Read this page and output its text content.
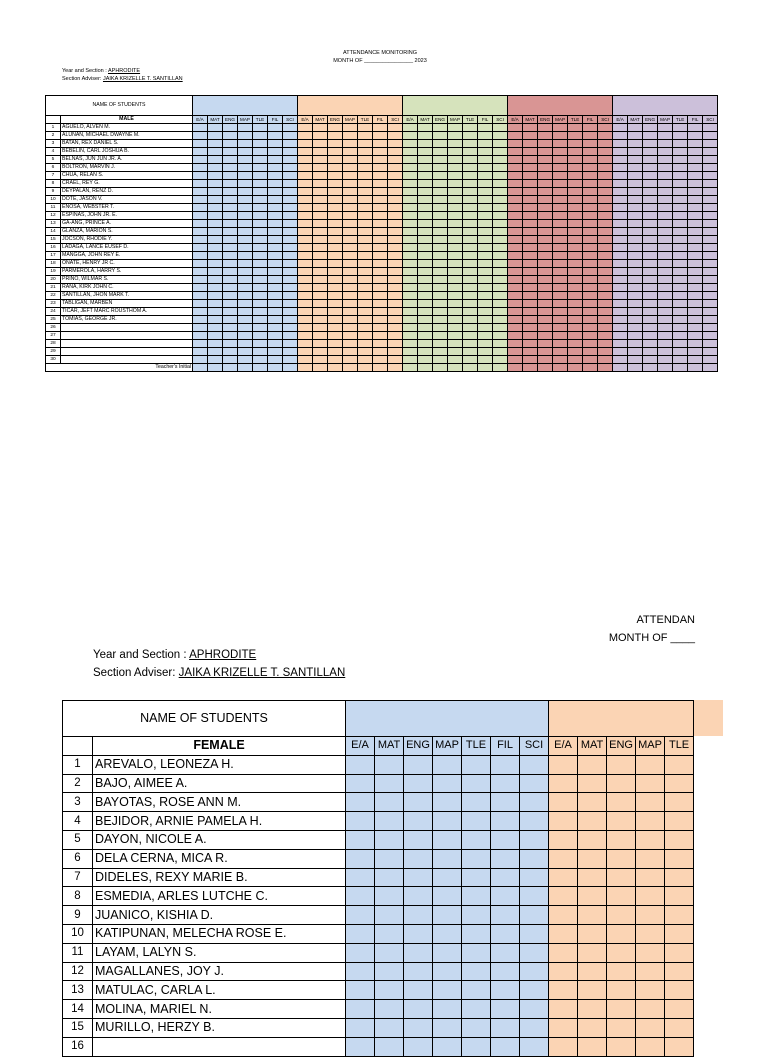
ATTENDANCE MONITORING
MONTH OF ________________ 2023
Year and Section : APHRODITE
Section Adviser: JAIKA KRIZELLE T. SANTILLAN
NAME OF STUDENTS																																				
	MALE	E/A	MAT	ENG	MAP	TLE	FIL	SCI	E/A	MAT	ENG	MAP	TLE	FIL	SCI	E/A	MAT	ENG	MAP	TLE	FIL	SCI	E/A	MAT	ENG	MAP	TLE	FIL	SCI	E/A	MAT	ENG	MAP	TLE	FIL	SCI
1	AGUELO, ALVEN M.																																			
2	ALUNAN, MICHAEL DWAYNE M.																																			
3	BATAN, REX DANIEL S.																																			
4	BEBELIN, CARL JOSHUA B.																																			
5	BELNAS, JUN JUN JR. A.																																			
6	BOLTRON, MARVIN J.																																			
7	CHUA, RELAN S.																																			
8	CRAEL, REY G.																																			
9	DEYPALAN, RENZ D.																																			
10	DOTE, JASON V.																																			
11	ENOSA, WEBSTER T.																																			
12	ESPINAS, JOHN JR. E.																																			
13	GA-ANG, PRINCE A.																																			
14	GLANZA, MARION S.																																			
15	JOCSON, RHODIE Y.																																			
16	LADAGA, LANCE EUSEF D.																																			
17	MANGGA, JOHN REY E.																																			
18	OÑATE, HENRY JR C.																																			
19	PARMEROLA, HARRY S.																																			
20	PRINO, WILMAR S.																																			
21	RAÑA, KIRK JOHN C.																																			
22	SANTILLAN, JHON MARK T.																																			
23	TABLIGAN, MARBEN																																			
24	TICAR, JEFT MARC ROUSTHOM A.																																			
25	TOMIAS, GEORGE JR.																																			
26																																				
27																																				
28																																				
29																																				
30																																				
Teacher's Initial																																				
ATTENDAN
MONTH OF ____
Year and Section : APHRODITE
Section Adviser: JAIKA KRIZELLE T. SANTILLAN
NAME OF STUDENTS													
	FEMALE	E/A	MAT	ENG	MAP	TLE	FIL	SCI	E/A	MAT	ENG	MAP	TLE
1	AREVALO, LEONEZA H.												
2	BAJO, AIMEE A.												
3	BAYOTAS, ROSE ANN M.												
4	BEJIDOR, ARNIE PAMELA H.												
5	DAYON, NICOLE A.												
6	DELA CERNA, MICA R.												
7	DIDELES, REXY MARIE B.												
8	ESMEDIA, ARLES LUTCHE C.												
9	JUANICO, KISHIA D.												
10	KATIPUNAN, MELECHA ROSE E.												
11	LAYAM, LALYN S.												
12	MAGALLANES, JOY J.												
13	MATULAC, CARLA L.												
14	MOLINA, MARIEL N.												
15	MURILLO, HERZY B.												
16													
